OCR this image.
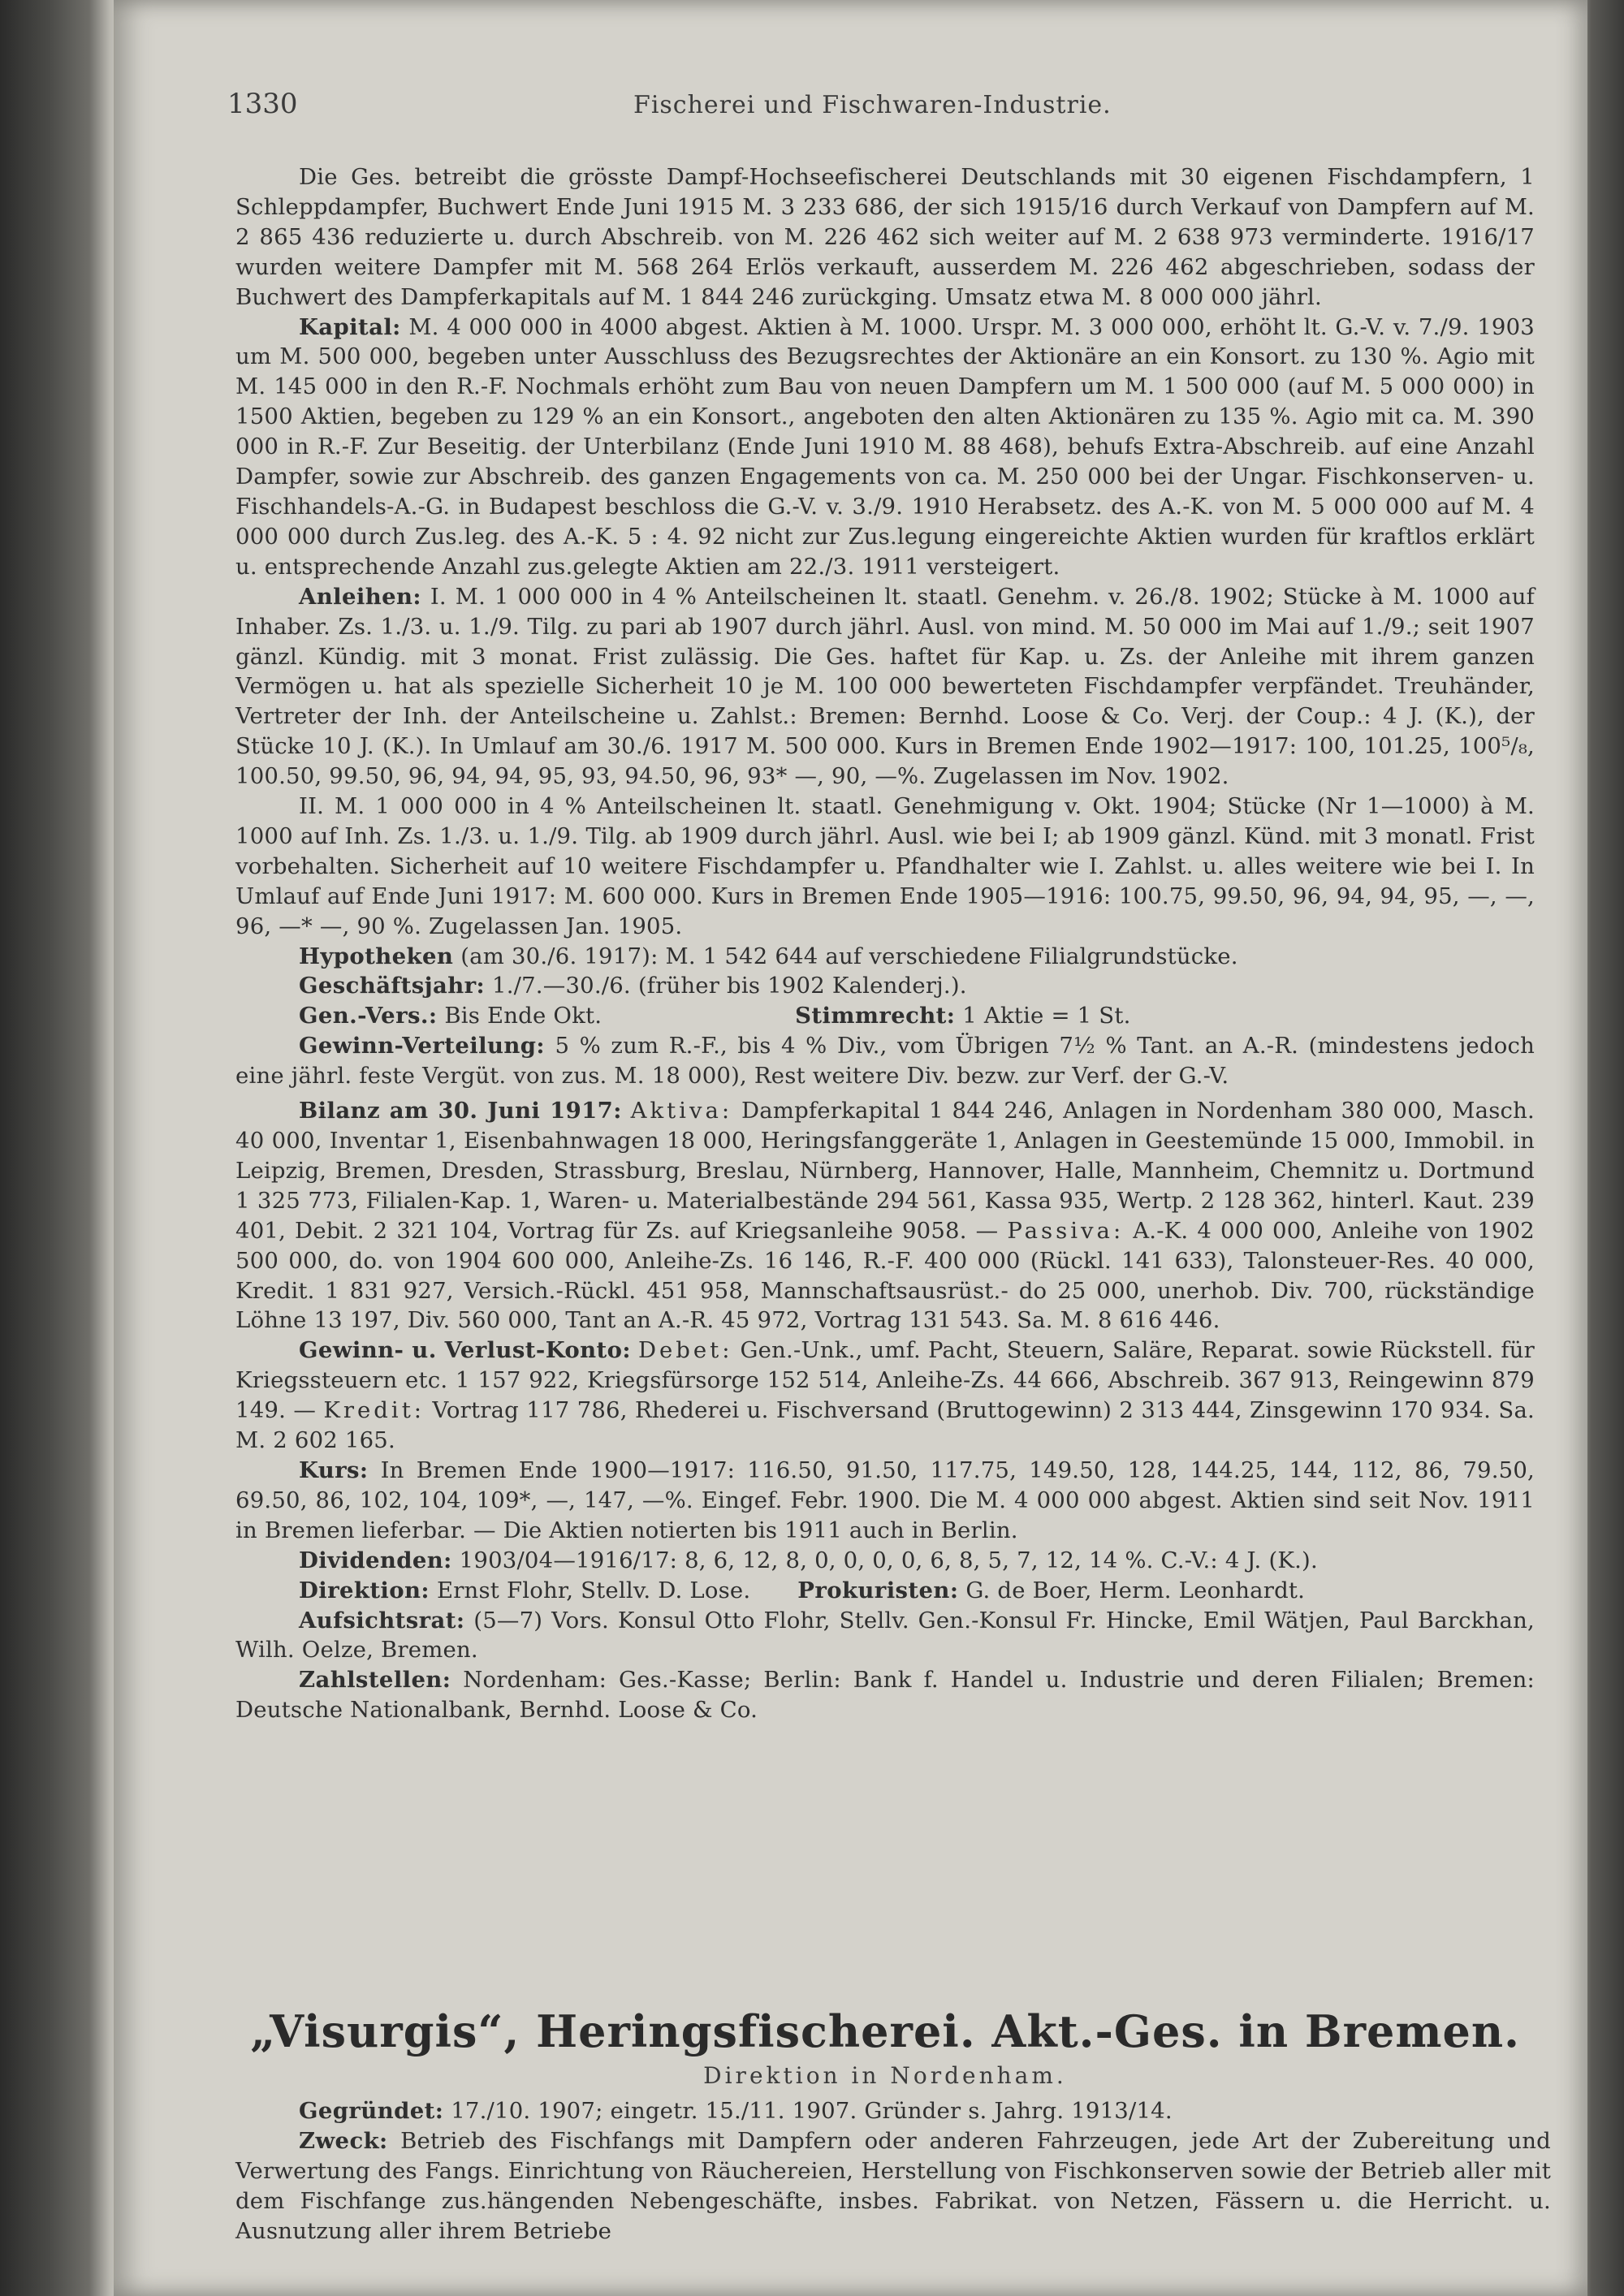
1330	Fischerei und Fischwaren-Industrie.

Die Ges. betreibt die grösste Dampf-Hochseefischerei Deutschlands mit 30 eigenen Fischdampfern, 1 Schleppdampfer, Buchwert Ende Juni 1915 M. 3 233 686, der sich 1915/16 durch Verkauf von Dampfern auf M. 2 865 436 reduzierte u. durch Abschreib. von M. 226 462 sich weiter auf M. 2 638 973 verminderte. 1916/17 wurden weitere Dampfer mit M. 568 264 Erlös verkauft, ausserdem M. 226 462 abgeschrieben, sodass der Buchwert des Dampferkapitals auf M. 1 844 246 zurückging. Umsatz etwa M. 8 000 000 jährl.

Kapital: M. 4 000 000 in 4000 abgest. Aktien à M. 1000. Urspr. M. 3 000 000, erhöht lt. G.-V. v. 7./9. 1903 um M. 500 000, begeben unter Ausschluss des Bezugsrechtes der Aktionäre an ein Konsort. zu 130 %. Agio mit M. 145 000 in den R.-F. Nochmals erhöht zum Bau von neuen Dampfern um M. 1 500 000 (auf M. 5 000 000) in 1500 Aktien, begeben zu 129 % an ein Konsort., angeboten den alten Aktionären zu 135 %. Agio mit ca. M. 390 000 in R.-F. Zur Beseitig. der Unterbilanz (Ende Juni 1910 M. 88 468), behufs Extra-Abschreib. auf eine Anzahl Dampfer, sowie zur Abschreib. des ganzen Engagements von ca. M. 250 000 bei der Ungar. Fischkonserven- u. Fischhandels-A.-G. in Budapest beschloss die G.-V. v. 3./9. 1910 Herabsetz. des A.-K. von M. 5 000 000 auf M. 4 000 000 durch Zus.leg. des A.-K. 5 : 4. 92 nicht zur Zus.legung eingereichte Aktien wurden für kraftlos erklärt u. entsprechende Anzahl zus.gelegte Aktien am 22./3. 1911 versteigert.

Anleihen: I. M. 1 000 000 in 4 % Anteilscheinen lt. staatl. Genehm. v. 26./8. 1902; Stücke à M. 1000 auf Inhaber. Zs. 1./3. u. 1./9. Tilg. zu pari ab 1907 durch jährl. Ausl. von mind. M. 50 000 im Mai auf 1./9.; seit 1907 gänzl. Kündig. mit 3 monat. Frist zulässig. Die Ges. haftet für Kap. u. Zs. der Anleihe mit ihrem ganzen Vermögen u. hat als spezielle Sicherheit 10 je M. 100 000 bewerteten Fischdampfer verpfändet. Treuhänder, Vertreter der Inh. der Anteilscheine u. Zahlst.: Bremen: Bernhd. Loose & Co. Verj. der Coup.: 4 J. (K.), der Stücke 10 J. (K.). In Umlauf am 30./6. 1917 M. 500 000. Kurs in Bremen Ende 1902—1917: 100, 101.25, 100⁵/₈, 100.50, 99.50, 96, 94, 94, 95, 93, 94.50, 96, 93* —, 90, —%. Zugelassen im Nov. 1902.

II. M. 1 000 000 in 4 % Anteilscheinen lt. staatl. Genehmigung v. Okt. 1904; Stücke (Nr 1—1000) à M. 1000 auf Inh. Zs. 1./3. u. 1./9. Tilg. ab 1909 durch jährl. Ausl. wie bei I; ab 1909 gänzl. Künd. mit 3 monatl. Frist vorbehalten. Sicherheit auf 10 weitere Fischdampfer u. Pfandhalter wie I. Zahlst. u. alles weitere wie bei I. In Umlauf auf Ende Juni 1917: M. 600 000. Kurs in Bremen Ende 1905—1916: 100.75, 99.50, 96, 94, 94, 95, —, —, 96, —* —, 90 %. Zugelassen Jan. 1905.

Hypotheken (am 30./6. 1917): M. 1 542 644 auf verschiedene Filialgrundstücke.

Geschäftsjahr: 1./7.—30./6. (früher bis 1902 Kalenderj.).

Gen.-Vers.: Bis Ende Okt.	Stimmrecht: 1 Aktie = 1 St.

Gewinn-Verteilung: 5 % zum R.-F., bis 4 % Div., vom Übrigen 7½ % Tant. an A.-R. (mindestens jedoch eine jährl. feste Vergüt. von zus. M. 18 000), Rest weitere Div. bezw. zur Verf. der G.-V.

Bilanz am 30. Juni 1917: Aktiva: Dampferkapital 1 844 246, Anlagen in Nordenham 380 000, Masch. 40 000, Inventar 1, Eisenbahnwagen 18 000, Heringsfanggeräte 1, Anlagen in Geestemünde 15 000, Immobil. in Leipzig, Bremen, Dresden, Strassburg, Breslau, Nürnberg, Hannover, Halle, Mannheim, Chemnitz u. Dortmund 1 325 773, Filialen-Kap. 1, Waren- u. Materialbestände 294 561, Kassa 935, Wertp. 2 128 362, hinterl. Kaut. 239 401, Debit. 2 321 104, Vortrag für Zs. auf Kriegsanleihe 9058. — Passiva: A.-K. 4 000 000, Anleihe von 1902 500 000, do. von 1904 600 000, Anleihe-Zs. 16 146, R.-F. 400 000 (Rückl. 141 633), Talonsteuer-Res. 40 000, Kredit. 1 831 927, Versich.-Rückl. 451 958, Mannschaftsausrüst.- do 25 000, unerhob. Div. 700, rückständige Löhne 13 197, Div. 560 000, Tant an A.-R. 45 972, Vortrag 131 543. Sa. M. 8 616 446.

Gewinn- u. Verlust-Konto: Debet: Gen.-Unk., umf. Pacht, Steuern, Saläre, Reparat. sowie Rückstell. für Kriegssteuern etc. 1 157 922, Kriegsfürsorge 152 514, Anleihe-Zs. 44 666, Abschreib. 367 913, Reingewinn 879 149. — Kredit: Vortrag 117 786, Rhederei u. Fischversand (Bruttogewinn) 2 313 444, Zinsgewinn 170 934. Sa. M. 2 602 165.

Kurs: In Bremen Ende 1900—1917: 116.50, 91.50, 117.75, 149.50, 128, 144.25, 144, 112, 86, 79.50, 69.50, 86, 102, 104, 109*, —, 147, —%. Eingef. Febr. 1900. Die M. 4 000 000 abgest. Aktien sind seit Nov. 1911 in Bremen lieferbar. — Die Aktien notierten bis 1911 auch in Berlin.

Dividenden: 1903/04—1916/17: 8, 6, 12, 8, 0, 0, 0, 0, 6, 8, 5, 7, 12, 14 %. C.-V.: 4 J. (K.).

Direktion: Ernst Flohr, Stellv. D. Lose. Prokuristen: G. de Boer, Herm. Leonhardt.

Aufsichtsrat: (5—7) Vors. Konsul Otto Flohr, Stellv. Gen.-Konsul Fr. Hincke, Emil Wätjen, Paul Barckhan, Wilh. Oelze, Bremen.

Zahlstellen: Nordenham: Ges.-Kasse; Berlin: Bank f. Handel u. Industrie und deren Filialen; Bremen: Deutsche Nationalbank, Bernhd. Loose & Co.

„Visurgis“, Heringsfischerei. Akt.-Ges. in Bremen.
Direktion in Nordenham.

Gegründet: 17./10. 1907; eingetr. 15./11. 1907. Gründer s. Jahrg. 1913/14.

Zweck: Betrieb des Fischfangs mit Dampfern oder anderen Fahrzeugen, jede Art der Zubereitung und Verwertung des Fangs. Einrichtung von Räuchereien, Herstellung von Fischkonserven sowie der Betrieb aller mit dem Fischfange zus.hängenden Nebengeschäfte, insbes. Fabrikat. von Netzen, Fässern u. die Herricht. u. Ausnutzung aller ihrem Betriebe
